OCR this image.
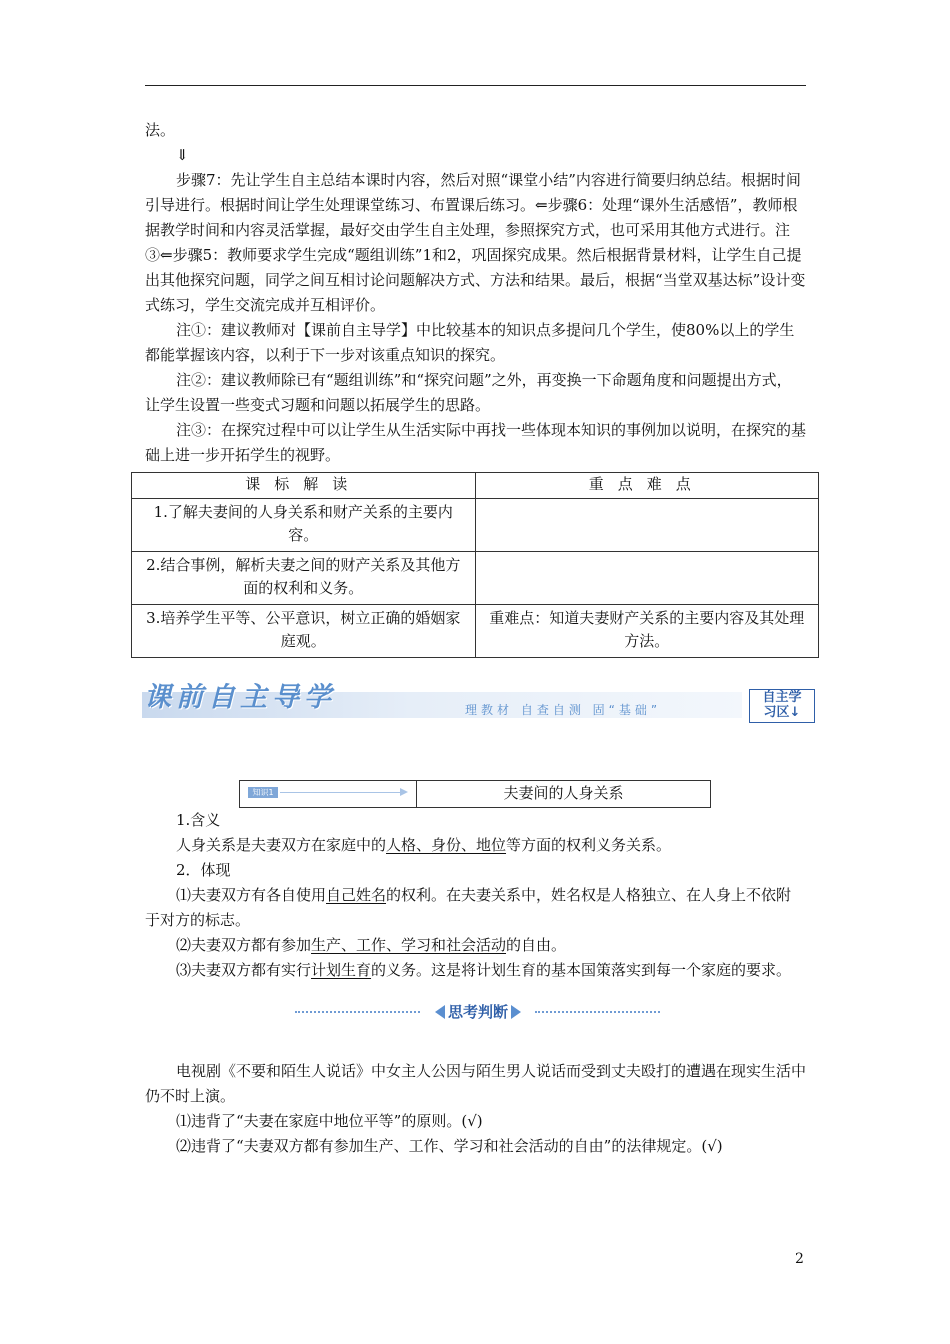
法。

⇓

步骤7：先让学生自主总结本课时内容，然后对照“课堂小结”内容进行简要归纳总结。根据时间引导进行。根据时间让学生处理课堂练习、布置课后练习。⇐步骤6：处理“课外生活感悟”，教师根据教学时间和内容灵活掌握，最好交由学生自主处理，参照探究方式，也可采用其他方式进行。注③⇐步骤5：教师要求学生完成“题组训练”1和2，巩固探究成果。然后根据背景材料，让学生自己提出其他探究问题，同学之间互相讨论问题解决方式、方法和结果。最后，根据“当堂双基达标”设计变式练习，学生交流完成并互相评价。

注①：建议教师对【课前自主导学】中比较基本的知识点多提问几个学生，使80%以上的学生都能掌握该内容，以利于下一步对该重点知识的探究。

注②：建议教师除已有“题组训练”和“探究问题”之外，再变换一下命题角度和问题提出方式，让学生设置一些变式习题和问题以拓展学生的思路。

注③：在探究过程中可以让学生从生活实际中再找一些体现本知识的事例加以说明，在探究的基础上进一步开拓学生的视野。

课标解读	重点难点
1.了解夫妻间的人身关系和财产关系的主要内容。	
2.结合事例，解析夫妻之间的财产关系及其他方面的权利和义务。	
3.培养学生平等、公平意识，树立正确的婚姻家庭观。	重难点：知道夫妻财产关系的主要内容及其处理方法。
课前自主导学	理教材 自查自测 固“基础”
自主学
习区↓
知识1	夫妻间的人身关系

1.含义

人身关系是夫妻双方在家庭中的人格、身份、地位等方面的权利义务关系。

2．体现

⑴夫妻双方有各自使用自己姓名的权利。在夫妻关系中，姓名权是人格独立、在人身上不依附于对方的标志。

⑵夫妻双方都有参加生产、工作、学习和社会活动的自由。

⑶夫妻双方都有实行计划生育的义务。这是将计划生育的基本国策落实到每一个家庭的要求。

思考判断

电视剧《不要和陌生人说话》中女主人公因与陌生男人说话而受到丈夫殴打的遭遇在现实生活中仍不时上演。

⑴违背了“夫妻在家庭中地位平等”的原则。(√)

⑵违背了“夫妻双方都有参加生产、工作、学习和社会活动的自由”的法律规定。(√)

2
